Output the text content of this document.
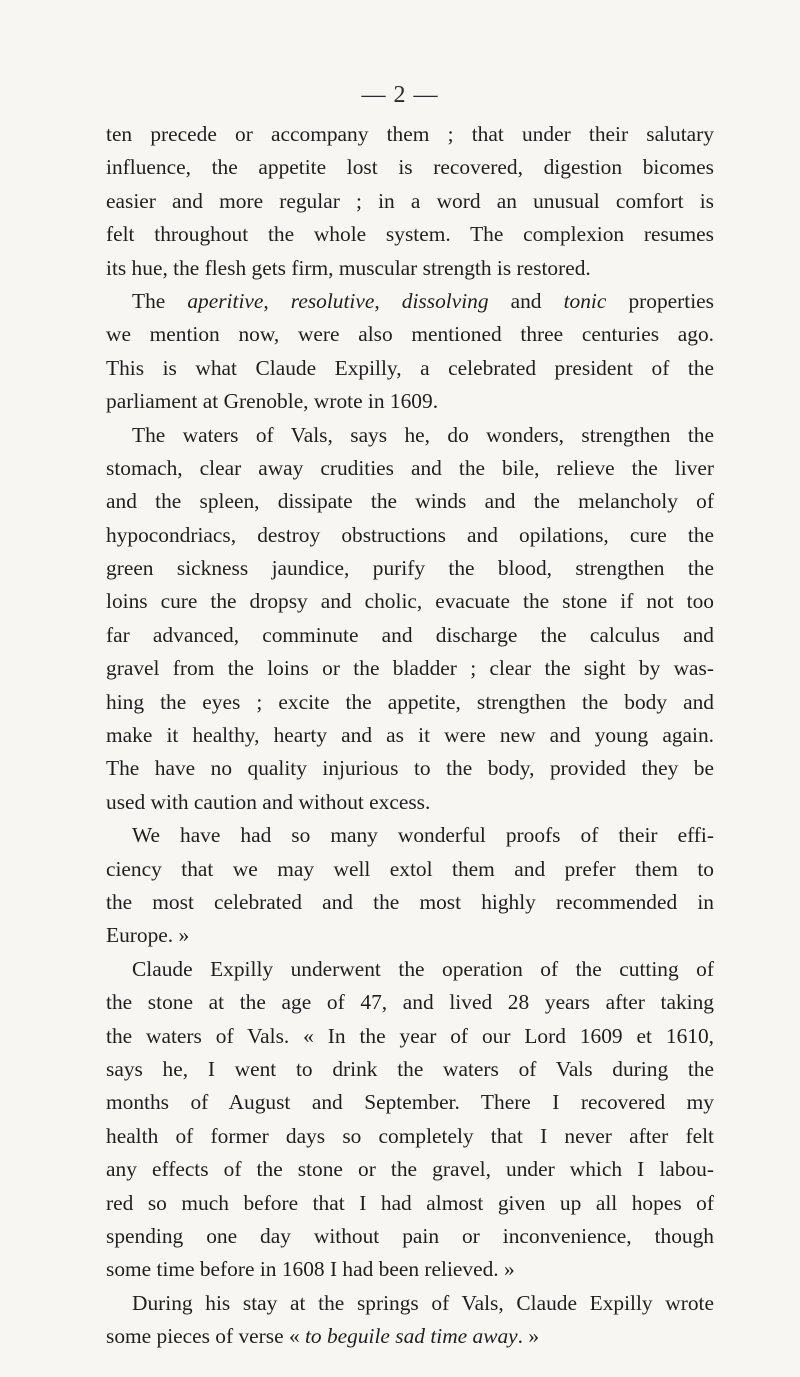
— 2 —
ten precede or accompany them ; that under their salutary
influence, the appetite lost is recovered, digestion bicomes
easier and more regular ; in a word an unusual comfort is
felt throughout the whole system. The complexion resumes
its hue, the flesh gets firm, muscular strength is restored.
The aperitive, resolutive, dissolving and tonic properties
we mention now, were also mentioned three centuries ago.
This is what Claude Expilly, a celebrated president of the
parliament at Grenoble, wrote in 1609.
The waters of Vals, says he, do wonders, strengthen the
stomach, clear away crudities and the bile, relieve the liver
and the spleen, dissipate the winds and the melancholy of
hypocondriacs, destroy obstructions and opilations, cure the
green sickness jaundice, purify the blood, strengthen the
loins cure the dropsy and cholic, evacuate the stone if not too
far advanced, comminute and discharge the calculus and
gravel from the loins or the bladder ; clear the sight by was-
hing the eyes ; excite the appetite, strengthen the body and
make it healthy, hearty and as it were new and young again.
The have no quality injurious to the body, provided they be
used with caution and without excess.
We have had so many wonderful proofs of their effi-
ciency that we may well extol them and prefer them to
the most celebrated and the most highly recommended in
Europe. »
Claude Expilly underwent the operation of the cutting of
the stone at the age of 47, and lived 28 years after taking
the waters of Vals. « In the year of our Lord 1609 et 1610,
says he, I went to drink the waters of Vals during the
months of August and September. There I recovered my
health of former days so completely that I never after felt
any effects of the stone or the gravel, under which I labou-
red so much before that I had almost given up all hopes of
spending one day without pain or inconvenience, though
some time before in 1608 I had been relieved. »
During his stay at the springs of Vals, Claude Expilly wrote
some pieces of verse « to beguile sad time away. »
